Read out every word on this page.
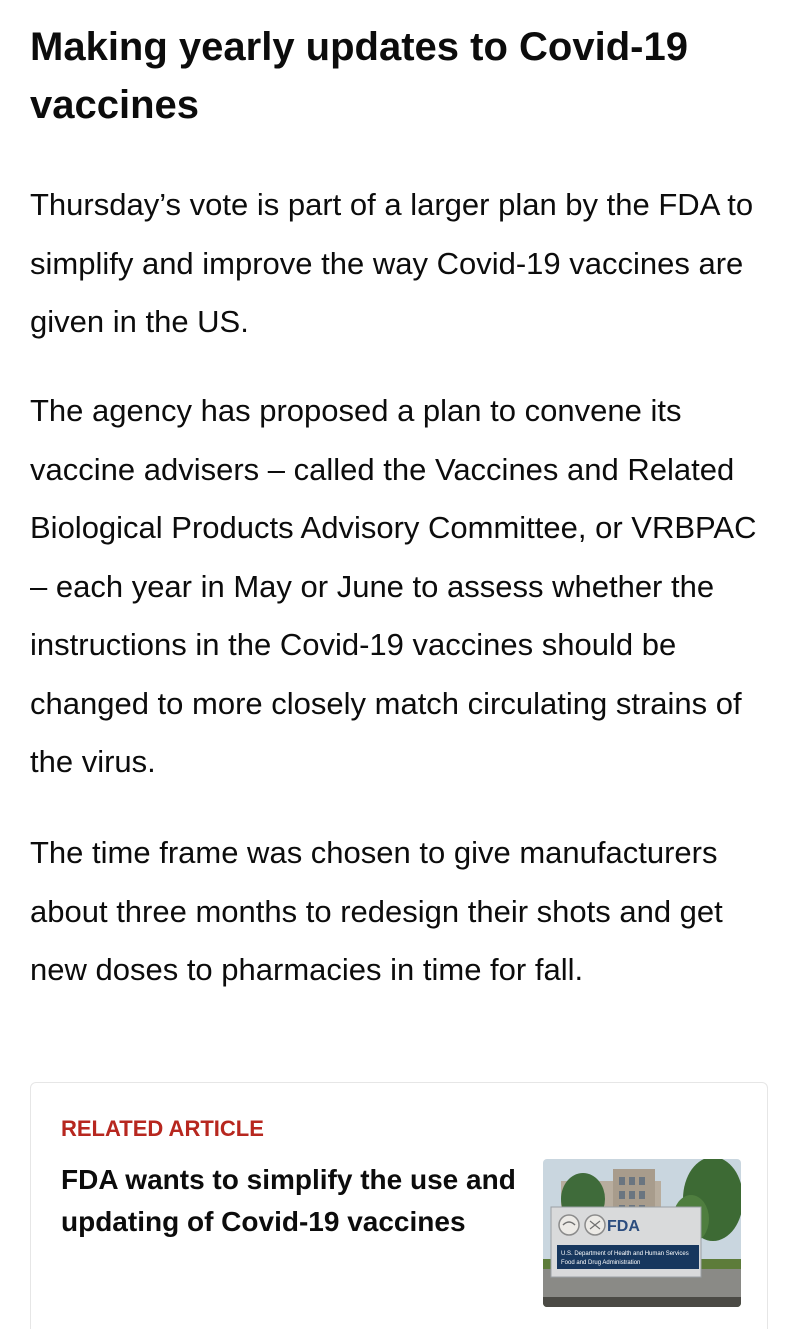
Making yearly updates to Covid-19 vaccines

Thursday’s vote is part of a larger plan by the FDA to simplify and improve the way Covid-19 vaccines are given in the US.

The agency has proposed a plan to convene its vaccine advisers – called the Vaccines and Related Biological Products Advisory Committee, or VRBPAC – each year in May or June to assess whether the instructions in the Covid-19 vaccines should be changed to more closely match circulating strains of the virus.

The time frame was chosen to give manufacturers about three months to redesign their shots and get new doses to pharmacies in time for fall.

RELATED ARTICLE
FDA wants to simplify the use and updating of Covid-19 vaccines	FDA
U.S. Department of Health and Human Services
Food and Drug Administration
